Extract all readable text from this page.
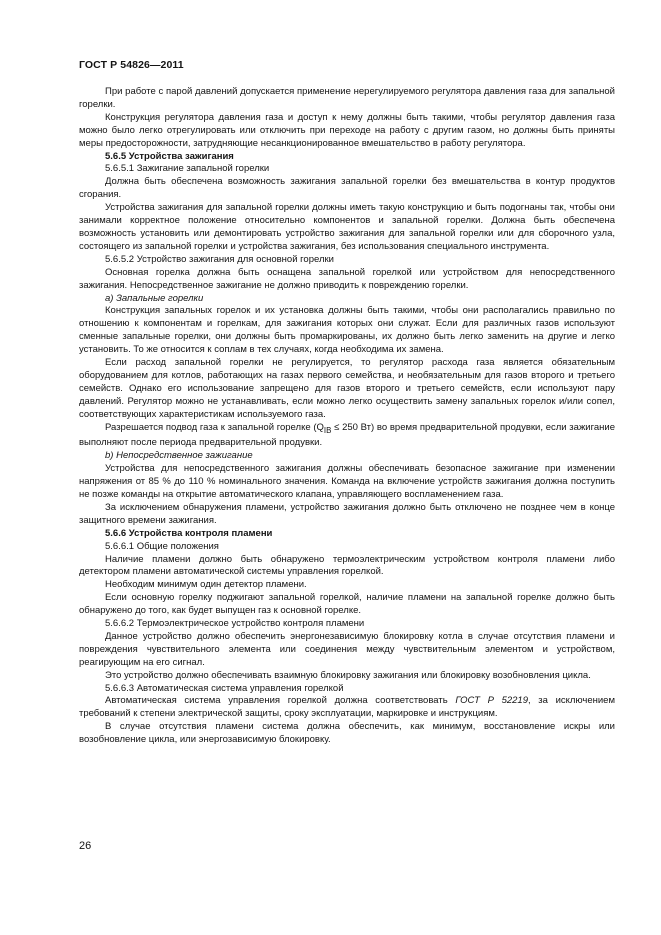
ГОСТ Р 54826—2011

При работе с парой давлений допускается применение нерегулируемого регулятора давления газа для запальной горелки.

Конструкция регулятора давления газа и доступ к нему должны быть такими, чтобы регулятор давления газа можно было легко отрегулировать или отключить при переходе на работу с другим газом, но должны быть приняты меры предосторожности, затрудняющие несанкционированное вмешательство в работу регулятора.

5.6.5 Устройства зажигания

5.6.5.1 Зажигание запальной горелки

Должна быть обеспечена возможность зажигания запальной горелки без вмешательства в контур продуктов сгорания.

Устройства зажигания для запальной горелки должны иметь такую конструкцию и быть подогнаны так, чтобы они занимали корректное положение относительно компонентов и запальной горелки. Должна быть обеспечена возможность установить или демонтировать устройство зажигания для запальной горелки или для сборочного узла, состоящего из запальной горелки и устройства зажигания, без использования специального инструмента.

5.6.5.2 Устройство зажигания для основной горелки

Основная горелка должна быть оснащена запальной горелкой или устройством для непосредственного зажигания. Непосредственное зажигание не должно приводить к повреждению горелки.

а) Запальные горелки

Конструкция запальных горелок и их установка должны быть такими, чтобы они располагались правильно по отношению к компонентам и горелкам, для зажигания которых они служат. Если для различных газов используют сменные запальные горелки, они должны быть промаркированы, их должно быть легко заменить на другие и легко установить. То же относится к соплам в тех случаях, когда необходима их замена.

Если расход запальной горелки не регулируется, то регулятор расхода газа является обязательным оборудованием для котлов, работающих на газах первого семейства, и необязательным для газов второго и третьего семейств. Однако его использование запрещено для газов второго и третьего семейств, если используют пару давлений. Регулятор можно не устанавливать, если можно легко осуществить замену запальных горелок и/или сопел, соответствующих характеристикам используемого газа.

Разрешается подвод газа к запальной горелке ($Q_{IB} \le 250$ Вт) во время предварительной продувки, если зажигание выполняют после периода предварительной продувки.

b) Непосредственное зажигание

Устройства для непосредственного зажигания должны обеспечивать безопасное зажигание при изменении напряжения от 85 % до 110 % номинального значения. Команда на включение устройств зажигания должна поступить не позже команды на открытие автоматического клапана, управляющего воспламенением газа.

За исключением обнаружения пламени, устройство зажигания должно быть отключено не позднее чем в конце защитного времени зажигания.

5.6.6 Устройства контроля пламени

5.6.6.1 Общие положения

Наличие пламени должно быть обнаружено термоэлектрическим устройством контроля пламени либо детектором пламени автоматической системы управления горелкой.

Необходим минимум один детектор пламени.

Если основную горелку поджигают запальной горелкой, наличие пламени на запальной горелке должно быть обнаружено до того, как будет выпущен газ к основной горелке.

5.6.6.2 Термоэлектрическое устройство контроля пламени

Данное устройство должно обеспечить энергонезависимую блокировку котла в случае отсутствия пламени и повреждения чувствительного элемента или соединения между чувствительным элементом и устройством, реагирующим на его сигнал.

Это устройство должно обеспечивать взаимную блокировку зажигания или блокировку возобновления цикла.

5.6.6.3 Автоматическая система управления горелкой

Автоматическая система управления горелкой должна соответствовать ГОСТ Р 52219, за исключением требований к степени электрической защиты, сроку эксплуатации, маркировке и инструкциям.

В случае отсутствия пламени система должна обеспечить, как минимум, восстановление искры или возобновление цикла, или энергозависимую блокировку.

26
